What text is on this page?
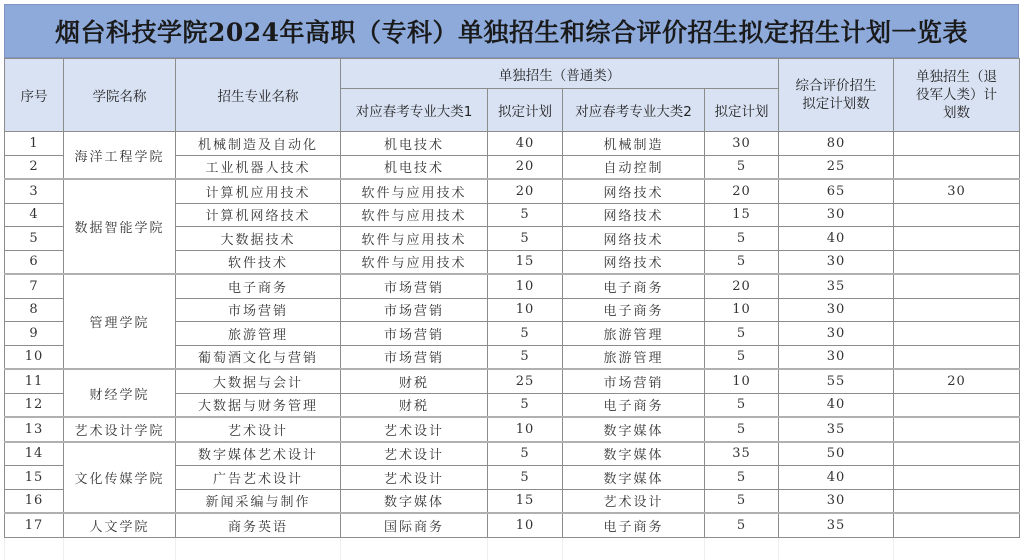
烟台科技学院2024年高职（专科）单独招生和综合评价招生拟定招生计划一览表
序号	学院名称	招生专业名称	单独招生（普通类）				综合评价招生拟定计划数	单独招生（退役军人类）计划数
			对应春考专业大类1	拟定计划	对应春考专业大类2	拟定计划		
1	海洋工程学院	机械制造及自动化	机电技术	40	机械制造	30	80	
2		工业机器人技术	机电技术	20	自动控制	5	25	
3	数据智能学院	计算机应用技术	软件与应用技术	20	网络技术	20	65	30
4		计算机网络技术	软件与应用技术	5	网络技术	15	30	
5		大数据技术	软件与应用技术	5	网络技术	5	40	
6		软件技术	软件与应用技术	15	网络技术	5	30	
7	管理学院	电子商务	市场营销	10	电子商务	20	35	
8		市场营销	市场营销	10	电子商务	10	30	
9		旅游管理	市场营销	5	旅游管理	5	30	
10		葡萄酒文化与营销	市场营销	5	旅游管理	5	30	
11	财经学院	大数据与会计	财税	25	市场营销	10	55	20
12		大数据与财务管理	财税	5	电子商务	5	40	
13	艺术设计学院	艺术设计	艺术设计	10	数字媒体	5	35	
14	文化传媒学院	数字媒体艺术设计	艺术设计	5	数字媒体	35	50	
15		广告艺术设计	艺术设计	5	数字媒体	5	40	
16		新闻采编与制作	数字媒体	15	艺术设计	5	30	
17	人文学院	商务英语	国际商务	10	电子商务	5	35	
